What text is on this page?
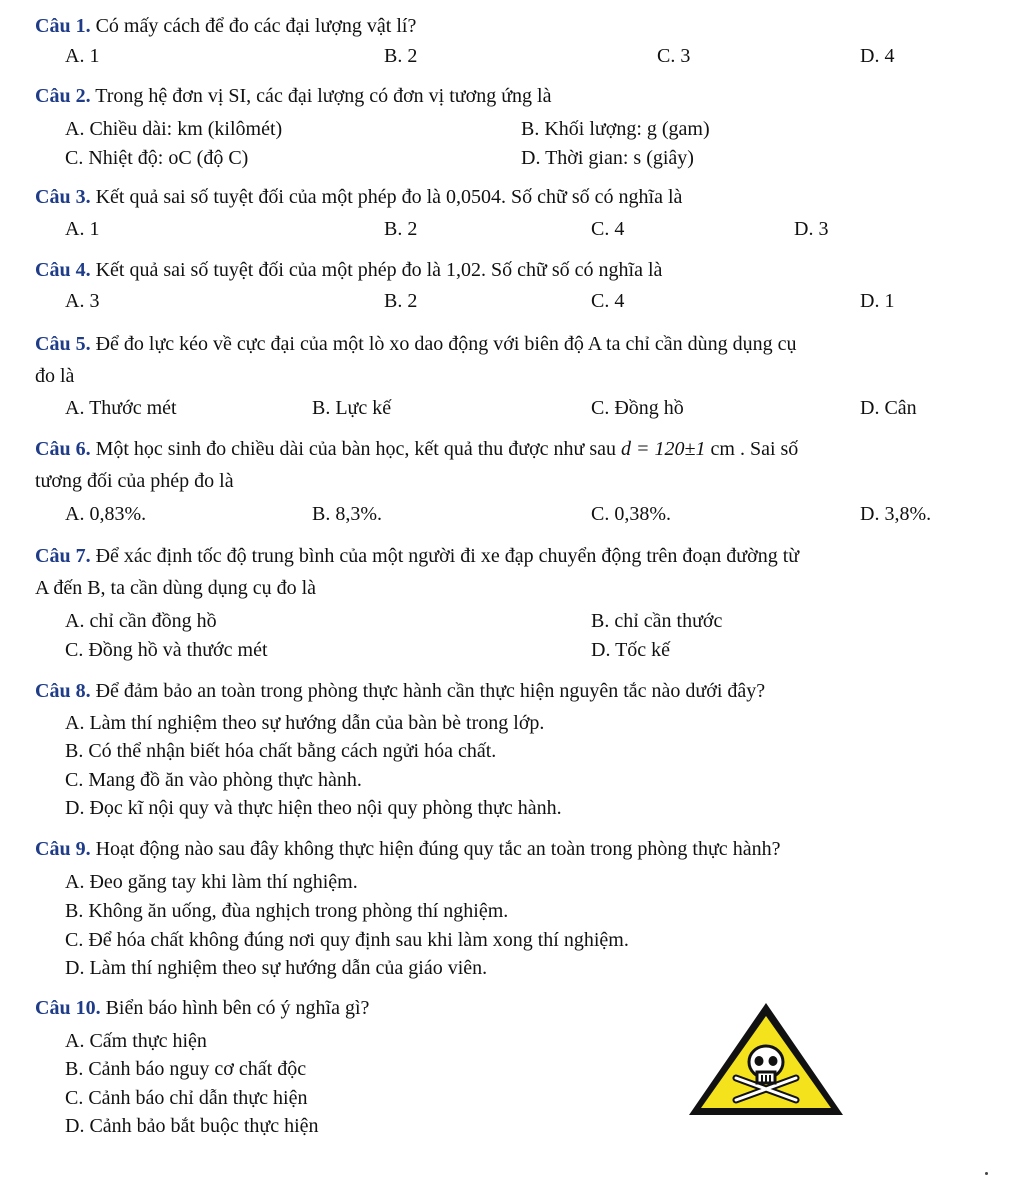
Câu 1. Có mấy cách để đo các đại lượng vật lí?
A. 1	B. 2	C. 3	D. 4
Câu 2. Trong hệ đơn vị SI, các đại lượng có đơn vị tương ứng là
A. Chiều dài: km (kilômét)	B. Khối lượng: g (gam)
C. Nhiệt độ: oC (độ C)	D. Thời gian: s (giây)
Câu 3. Kết quả sai số tuyệt đối của một phép đo là 0,0504. Số chữ số có nghĩa là
A. 1	B. 2	C. 4	D. 3
Câu 4. Kết quả sai số tuyệt đối của một phép đo là 1,02. Số chữ số có nghĩa là
A. 3	B. 2	C. 4	D. 1
Câu 5. Để đo lực kéo về cực đại của một lò xo dao động với biên độ A ta chỉ cần dùng dụng cụ
đo là
A. Thước mét	B. Lực kế	C. Đồng hồ	D. Cân
Câu 6. Một học sinh đo chiều dài của bàn học, kết quả thu được như sau d = 120±1 cm . Sai số
tương đối của phép đo là
A. 0,83%.	B. 8,3%.	C. 0,38%.	D. 3,8%.
Câu 7. Để xác định tốc độ trung bình của một người đi xe đạp chuyển động trên đoạn đường từ
A đến B, ta cần dùng dụng cụ đo là
A. chỉ cần đồng hồ	B. chỉ cần thước
C. Đồng hồ và thước mét	D. Tốc kế
Câu 8. Để đảm bảo an toàn trong phòng thực hành cần thực hiện nguyên tắc nào dưới đây?
A. Làm thí nghiệm theo sự hướng dẫn của bàn bè trong lớp.
B. Có thể nhận biết hóa chất bằng cách ngửi hóa chất.
C. Mang đồ ăn vào phòng thực hành.
D. Đọc kĩ nội quy và thực hiện theo nội quy phòng thực hành.
Câu 9. Hoạt động nào sau đây không thực hiện đúng quy tắc an toàn trong phòng thực hành?
A. Đeo găng tay khi làm thí nghiệm.
B. Không ăn uống, đùa nghịch trong phòng thí nghiệm.
C. Để hóa chất không đúng nơi quy định sau khi làm xong thí nghiệm.
D. Làm thí nghiệm theo sự hướng dẫn của giáo viên.
Câu 10. Biển báo hình bên có ý nghĩa gì?
A. Cấm thực hiện
B. Cảnh báo nguy cơ chất độc
C. Cảnh báo chỉ dẫn thực hiện
D. Cảnh bảo bắt buộc thực hiện
